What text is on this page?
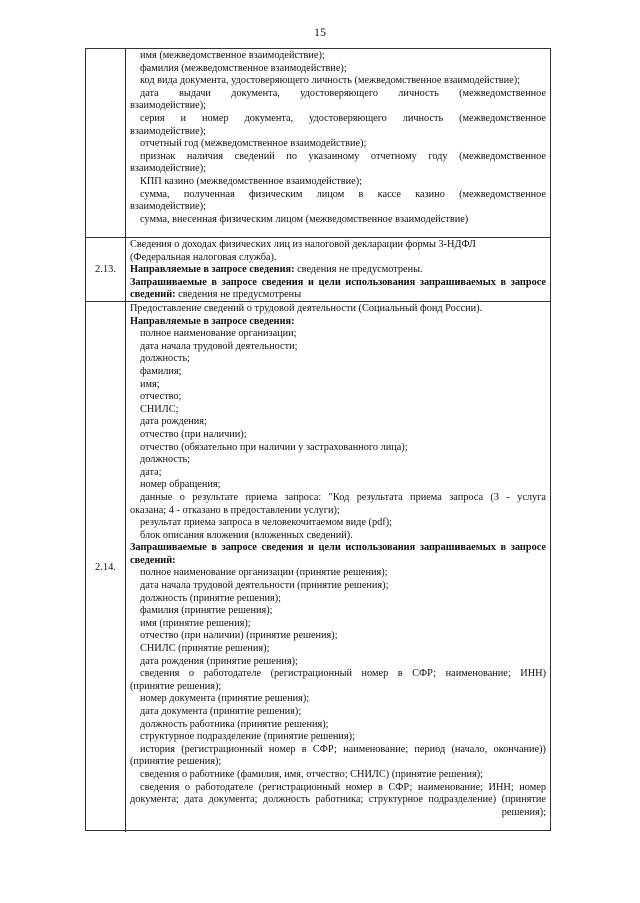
15
имя (межведомственное взаимодействие);
фамилия (межведомственное взаимодействие);
код вида документа, удостоверяющего личность (межведомственное взаимодействие);
дата выдачи документа, удостоверяющего личность (межведомственное
взаимодействие);
серия и номер документа, удостоверяющего личность (межведомственное
взаимодействие);
отчетный год (межведомственное взаимодействие);
признак наличия сведений по указанному отчетному году (межведомственное
взаимодействие);
КПП казино (межведомственное взаимодействие);
сумма, полученная физическим лицом в кассе казино (межведомственное
взаимодействие);
сумма, внесенная физическим лицом (межведомственное взаимодействие)
2.13.
Сведения о доходах физических лиц из налоговой декларации формы 3-НДФЛ
(Федеральная налоговая служба).
Направляемые в запросе сведения: сведения не предусмотрены.
Запрашиваемые в запросе сведения и цели использования запрашиваемых в запросе
сведений: сведения не предусмотрены
2.14.
Предоставление сведений о трудовой деятельности (Социальный фонд России).
Направляемые в запросе сведения:
полное наименование организации;
дата начала трудовой деятельности;
должность;
фамилия;
имя;
отчество;
СНИЛС;
дата рождения;
отчество (при наличии);
отчество (обязательно при наличии у застрахованного лица);
должность;
дата;
номер обращения;
данные о результате приема запроса: "Код результата приема запроса (3 - услуга
оказана; 4 - отказано в предоставлении услуги);
результат приема запроса в человекочитаемом виде (pdf);
блок описания вложения (вложенных сведений).
Запрашиваемые в запросе сведения и цели использования запрашиваемых в запросе
сведений:
полное наименование организации (принятие решения);
дата начала трудовой деятельности (принятие решения);
должность (принятие решения);
фамилия (принятие решения);
имя (принятие решения);
отчество (при наличии) (принятие решения);
СНИЛС (принятие решения);
дата рождения (принятие решения);
сведения о работодателе (регистрационный номер в СФР; наименование; ИНН)
(принятие решения);
номер документа (принятие решения);
дата документа (принятие решения);
должность работника (принятие решения);
структурное подразделение (принятие решения);
история (регистрационный номер в СФР; наименование; период (начало, окончание))
(принятие решения);
сведения о работнике (фамилия, имя, отчество; СНИЛС) (принятие решения);
сведения о работодателе (регистрационный номер в СФР; наименование; ИНН; номер
документа; дата документа; должность работника; структурное подразделение) (принятие
решения);
